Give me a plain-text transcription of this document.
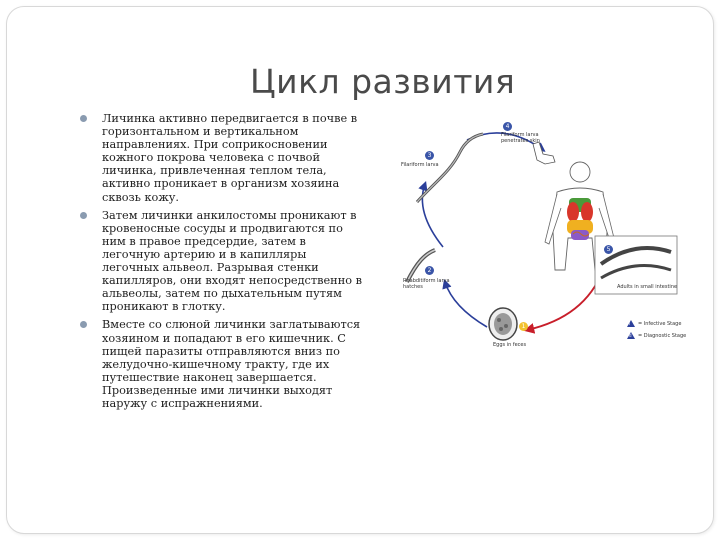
Цикл развития
Личинка активно передвигается в почве в горизонтальном и вертикальном направлениях. При соприкосновении кожного покрова человека с почвой личинка, привлеченная теплом тела, активно проникает в организм хозяина сквозь кожу.
Затем личинки анкилостомы проникают в кровеносные сосуды и продвигаются по ним в правое предсердие, затем в легочную артерию и в капилляры легочных альвеол. Разрывая стенки капилляров, они входят непосредственно в альвеолы, затем по дыхательным путям проникают в глотку.
Вместе со слюной личинки заглатываются хозяином и попадают в его кишечник. С пищей паразиты отправляются вниз по желудочно-кишечному тракту, где их путешествие наконец завершается. Произведенные ими личинки выходят наружу с испражнениями.
4
3
2
1
5
Filariform larva
penetrates skin
Filariform larva
Rhabditiform larva
hatches
Eggs in feces
Adults in small intestine
i = Infective Stage
d = Diagnostic Stage
